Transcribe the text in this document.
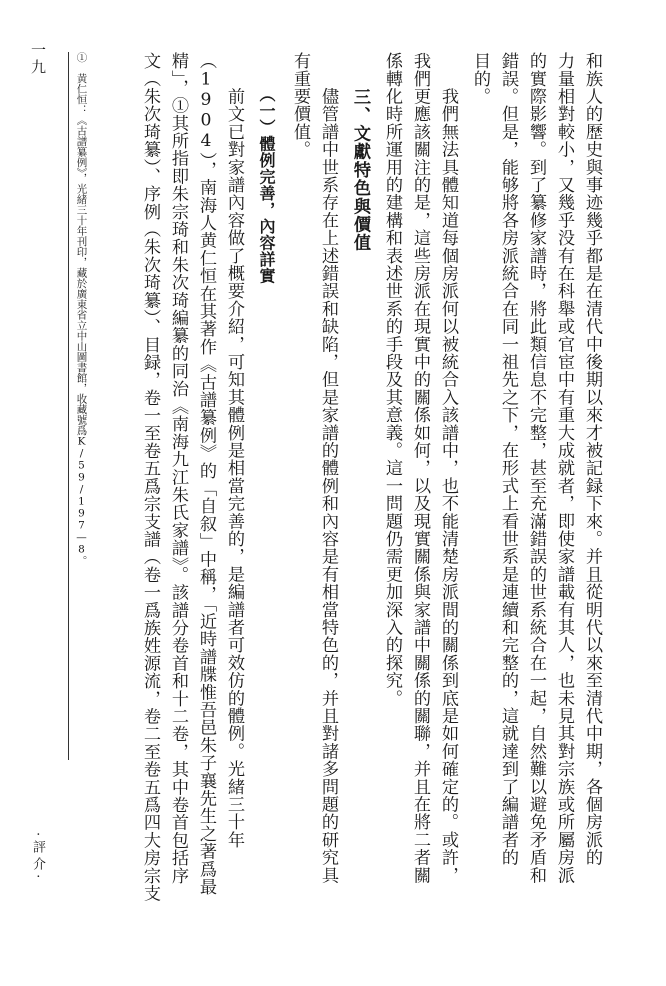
和族人的歷史與事迹幾乎都是在清代中後期以來才被記録下來。并且從明代以來至清代中期，各個房派的
力量相對較小，又幾乎没有在科舉或官宦中有重大成就者，即使家譜載有其人，也未見其對宗族或所屬房派
的實際影響。到了纂修家譜時，將此類信息不完整，甚至充滿錯誤的世系統合在一起，自然難以避免矛盾和
錯誤。但是，能够將各房派統合在同一祖先之下，在形式上看世系是連續和完整的，這就達到了編譜者的
目的。
　　我們無法具體知道每個房派何以被統合入該譜中，也不能清楚房派間的關係到底是如何確定的。或許，
我們更應該關注的是，這些房派在現實中的關係如何，以及現實關係與家譜中關係的關聯，并且在將二者關
係轉化時所運用的建構和表述世系的手段及其意義。這一問題仍需更加深入的探究。
三、文獻特色與價值
　　儘管譜中世系存在上述錯誤和缺陷，但是家譜的體例和內容是有相當特色的，并且對諸多問題的研究具
有重要價值。
（一）體例完善，內容詳實
　　前文已對家譜內容做了概要介紹，可知其體例是相當完善的，是編譜者可效仿的體例。光緒三十年
（1904），南海人黄仁恒在其著作《古譜纂例》的「自叙」中稱，「近時譜牒惟吾邑朱子襄先生之著爲最
精」，①其所指即朱宗琦和朱次琦編纂的同治《南海九江朱氏家譜》。該譜分卷首和十二卷，其中卷首包括序
文（朱次琦纂）、序例（朱次琦纂）、目録，卷一至卷五爲宗支譜（卷一爲族姓源流，卷二至卷五爲四大房宗支
①　黄仁恒：《古譜纂例》，光緒三十年刊印，藏於廣東省立中山圖書館，收藏號爲K/59/197—8。
一九
·評介·
